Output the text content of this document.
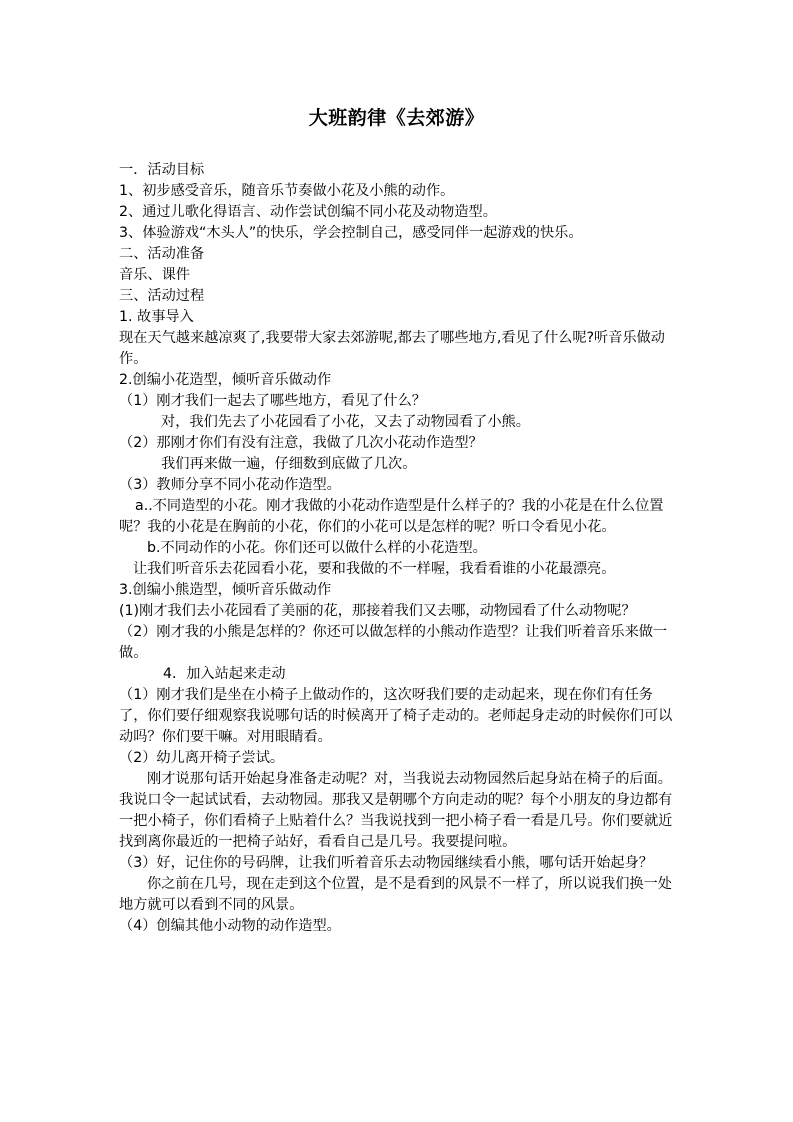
大班韵律《去郊游》

一．活动目标

1、初步感受音乐，随音乐节奏做小花及小熊的动作。

2、通过儿歌化得语言、动作尝试创编不同小花及动物造型。

3、体验游戏“木头人”的快乐，学会控制自己，感受同伴一起游戏的快乐。

二、活动准备

音乐、课件

三、活动过程

1. 故事导入

现在天气越来越凉爽了,我要带大家去郊游呢,都去了哪些地方,看见了什么呢?听音乐做动作。

2.创编小花造型，倾听音乐做动作

（1）刚才我们一起去了哪些地方，看见了什么？

对，我们先去了小花园看了小花，又去了动物园看了小熊。

（2）那刚才你们有没有注意，我做了几次小花动作造型？

我们再来做一遍，仔细数到底做了几次。

（3）教师分享不同小花动作造型。

a..不同造型的小花。刚才我做的小花动作造型是什么样子的？我的小花是在什么位置呢？我的小花是在胸前的小花，你们的小花可以是怎样的呢？听口令看见小花。

b.不同动作的小花。你们还可以做什么样的小花造型。

让我们听音乐去花园看小花，要和我做的不一样喔，我看看谁的小花最漂亮。

3.创编小熊造型，倾听音乐做动作

(1)刚才我们去小花园看了美丽的花，那接着我们又去哪，动物园看了什么动物呢？

（2）刚才我的小熊是怎样的？你还可以做怎样的小熊动作造型？让我们听着音乐来做一做。

4．加入站起来走动

（1）刚才我们是坐在小椅子上做动作的，这次呀我们要的走动起来，现在你们有任务了，你们要仔细观察我说哪句话的时候离开了椅子走动的。老师起身走动的时候你们可以动吗？你们要干嘛。对用眼睛看。

（2）幼儿离开椅子尝试。

刚才说那句话开始起身准备走动呢？对，当我说去动物园然后起身站在椅子的后面。我说口令一起试试看，去动物园。那我又是朝哪个方向走动的呢？每个小朋友的身边都有一把小椅子，你们看椅子上贴着什么？当我说找到一把小椅子看一看是几号。你们要就近找到离你最近的一把椅子站好，看看自己是几号。我要提问啦。

（3）好，记住你的号码牌，让我们听着音乐去动物园继续看小熊，哪句话开始起身？

你之前在几号，现在走到这个位置，是不是看到的风景不一样了，所以说我们换一处地方就可以看到不同的风景。

（4）创编其他小动物的动作造型。
